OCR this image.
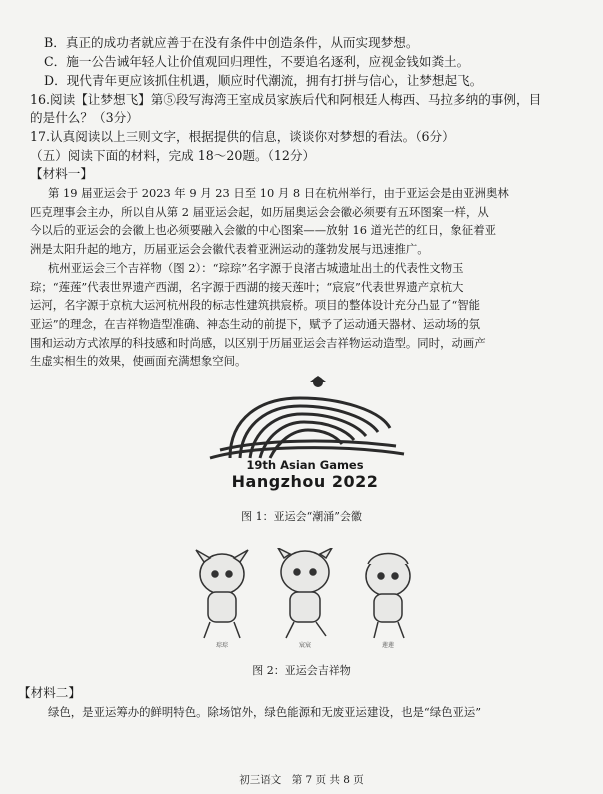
B．真正的成功者就应善于在没有条件中创造条件，从而实现梦想。
C．施一公告诫年轻人让价值观回归理性，不要追名逐利，应视金钱如粪土。
D．现代青年更应该抓住机遇，顺应时代潮流，拥有打拼与信心，让梦想起飞。
16.阅读【让梦想飞】第⑤段写海湾王室成员家族后代和阿根廷人梅西、马拉多纳的事例，目
的是什么？（3分）
17.认真阅读以上三则文字，根据提供的信息，谈谈你对梦想的看法。（6分）
（五）阅读下面的材料，完成 18～20题。（12分）
【材料一】
第 19 届亚运会于 2023 年 9 月 23 日至 10 月 8 日在杭州举行，由于亚运会是由亚洲奥林
匹克理事会主办，所以自从第 2 届亚运会起，如历届奥运会会徽必须要有五环图案一样，从
今以后的亚运会的会徽上也必须要融入会徽的中心图案——放射 16 道光芒的红日，象征着亚
洲是太阳升起的地方，历届亚运会会徽代表着亚洲运动的蓬勃发展与迅速推广。
杭州亚运会三个吉祥物（图 2）：“琮琮”名字源于良渚古城遗址出土的代表性文物玉
琮；“莲莲”代表世界遗产西湖，名字源于西湖的接天莲叶；“宸宸”代表世界遗产京杭大
运河，名字源于京杭大运河杭州段的标志性建筑拱宸桥。项目的整体设计充分凸显了“智能
亚运”的理念，在吉祥物造型准确、神态生动的前提下，赋予了运动通天器材、运动场的氛
围和运动方式浓厚的科技感和时尚感，以区别于历届亚运会吉祥物运动造型。同时，动画产
生虚实相生的效果，使画面充满想象空间。
19th Asian Games
Hangzhou 2022
图 1：亚运会“潮涌”会徽
琮琮	宸宸	莲莲
图 2：亚运会吉祥物
【材料二】
绿色，是亚运筹办的鲜明特色。除场馆外，绿色能源和无废亚运建设，也是“绿色亚运”
初三语文　第 7 页 共 8 页
